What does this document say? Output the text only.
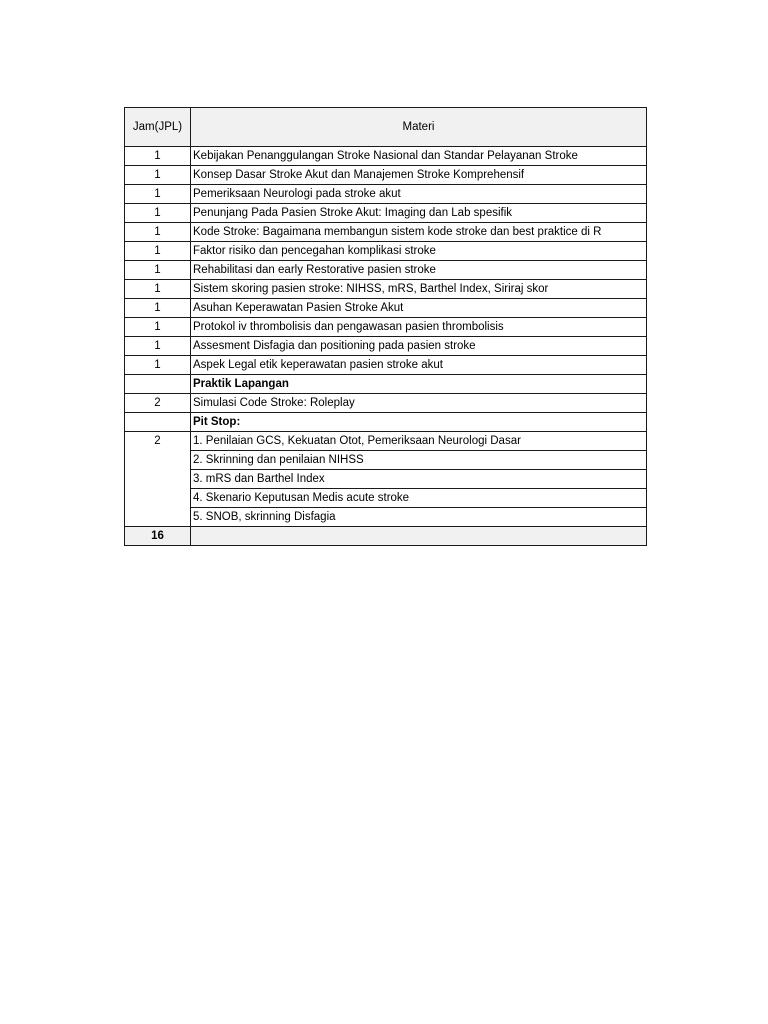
Jam(JPL)	Materi
1	Kebijakan Penanggulangan Stroke Nasional dan Standar Pelayanan Stroke
1	Konsep Dasar Stroke Akut dan Manajemen Stroke Komprehensif
1	Pemeriksaan Neurologi pada stroke akut
1	Penunjang Pada Pasien Stroke Akut: Imaging dan Lab spesifik
1	Kode Stroke: Bagaimana membangun sistem kode stroke dan best praktice di R
1	Faktor risiko dan pencegahan komplikasi stroke
1	Rehabilitasi dan early Restorative pasien stroke
1	Sistem skoring pasien stroke: NIHSS, mRS, Barthel Index, Siriraj skor
1	Asuhan Keperawatan Pasien Stroke Akut
1	Protokol iv thrombolisis dan pengawasan pasien thrombolisis
1	Assesment Disfagia dan positioning pada pasien stroke
1	Aspek Legal etik keperawatan pasien stroke akut
	Praktik Lapangan
2	Simulasi Code Stroke: Roleplay
	Pit Stop:
2	1. Penilaian GCS, Kekuatan Otot, Pemeriksaan Neurologi Dasar
	2. Skrinning dan penilaian NIHSS
	3. mRS dan Barthel Index
	4. Skenario Keputusan Medis acute stroke
	5. SNOB, skrinning Disfagia
16	
